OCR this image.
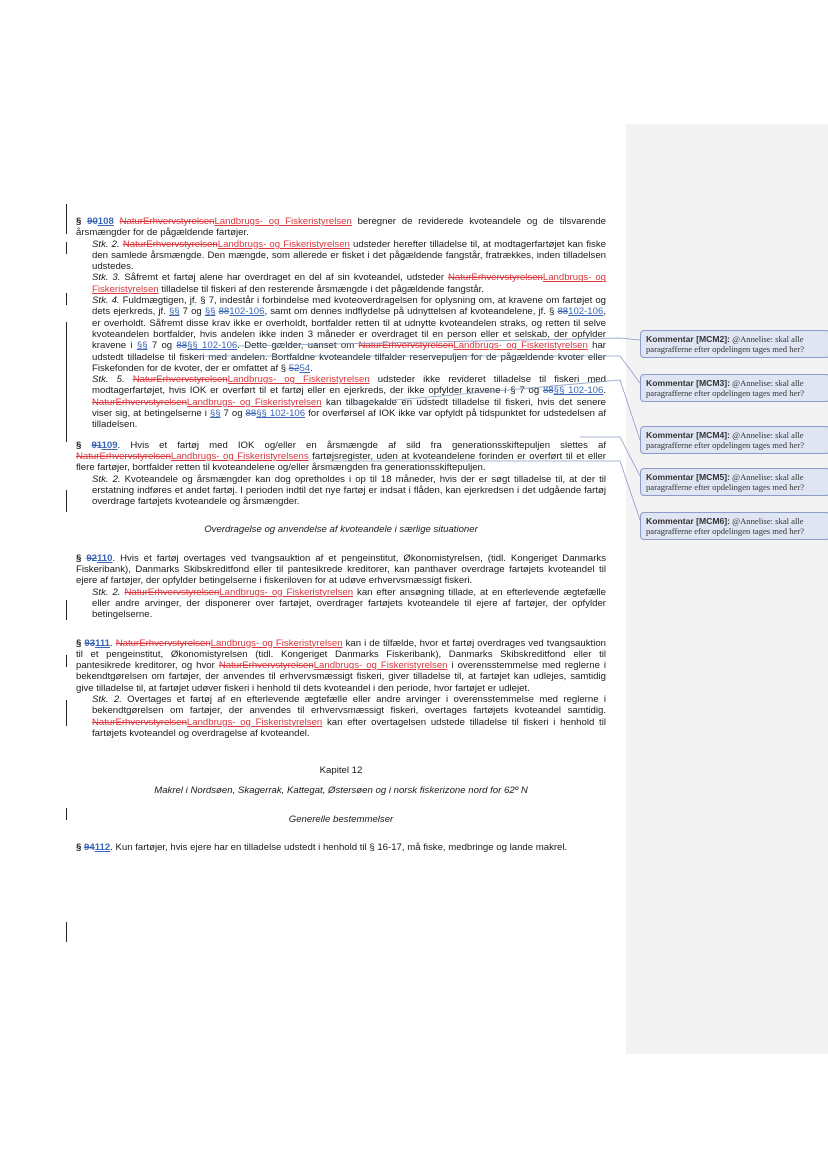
§ 90108 NaturErhvervstyrelsenLandbrugs- og Fiskeristyrelsen beregner de reviderede kvoteandele og de tilsvarende årsmængder for de pågældende fartøjer.

Stk. 2. NaturErhvervstyrelsenLandbrugs- og Fiskeristyrelsen udsteder herefter tilladelse til, at modtagerfartøjet kan fiske den samlede årsmængde. Den mængde, som allerede er fisket i det pågældende fangstår, fratrækkes, inden tilladelsen udstedes.

Stk. 3. Såfremt et fartøj alene har overdraget en del af sin kvoteandel, udsteder NaturErhvervstyrelsenLandbrugs- og Fiskeristyrelsen tilladelse til fiskeri af den resterende årsmængde i det pågældende fangstår.

Stk. 4. Fuldmægtigen, jf. § 7, indestår i forbindelse med kvoteoverdragelsen for oplysning om, at kravene om fartøjet og dets ejerkreds, jf. §§ 7 og §§ 88102-106, samt om dennes indflydelse på udnyttelsen af kvoteandelene, jf. § 88102-106, er overholdt. Såfremt disse krav ikke er overholdt, bortfalder retten til at udnytte kvoteandelen straks, og retten til selve kvoteandelen bortfalder, hvis andelen ikke inden 3 måneder er overdraget til en person eller et selskab, der opfylder kravene i §§ 7 og 88§§ 102-106. Dette gælder, uanset om NaturErhvervstyrelsenLandbrugs- og Fiskeristyrelsen har udstedt tilladelse til fiskeri med andelen. Bortfaldne kvoteandele tilfalder reservepuljen for de pågældende kvoter eller Fiskefonden for de kvoter, der er omfattet af § 5254.

Stk. 5. NaturErhvervstyrelsenLandbrugs- og Fiskeristyrelsen udsteder ikke revideret tilladelse til fiskeri med modtagerfartøjet, hvis IOK er overført til et fartøj eller en ejerkreds, der ikke opfylder kravene i § 7 og 88§§ 102-106. NaturErhvervstyrelsenLandbrugs- og Fiskeristyrelsen kan tilbagekalde en udstedt tilladelse til fiskeri, hvis det senere viser sig, at betingelserne i §§ 7 og 88§§ 102-106 for overførsel af IOK ikke var opfyldt på tidspunktet for udstedelsen af tilladelsen.

§ 91109. Hvis et fartøj med IOK og/eller en årsmængde af sild fra generationsskiftepuljen slettes af NaturErhvervstyrelsenLandbrugs- og Fiskeristyrelsens fartøjsregister, uden at kvoteandelene forinden er overført til et eller flere fartøjer, bortfalder retten til kvoteandelene og/eller årsmængden fra generationsskiftepuljen.

Stk. 2. Kvoteandele og årsmængder kan dog opretholdes i op til 18 måneder, hvis der er søgt tilladelse til, at der til erstatning indføres et andet fartøj. I perioden indtil det nye fartøj er indsat i flåden, kan ejerkredsen i det udgående fartøj overdrage fartøjets kvoteandele og årsmængder.

Overdragelse og anvendelse af kvoteandele i særlige situationer

§ 92110. Hvis et fartøj overtages ved tvangsauktion af et pengeinstitut, Økonomistyrelsen, (tidl. Kongeriget Danmarks Fiskeribank), Danmarks Skibskreditfond eller til pantesikrede kreditorer, kan panthaver overdrage fartøjets kvoteandel til ejere af fartøjer, der opfylder betingelserne i fiskeriloven for at udøve erhvervsmæssigt fiskeri.

Stk. 2. NaturErhvervstyrelsenLandbrugs- og Fiskeristyrelsen kan efter ansøgning tillade, at en efterlevende ægtefælle eller andre arvinger, der disponerer over fartøjet, overdrager fartøjets kvoteandele til ejere af fartøjer, der opfylder betingelserne.

§ 93111. NaturErhvervstyrelsenLandbrugs- og Fiskeristyrelsen kan i de tilfælde, hvor et fartøj overdrages ved tvangsauktion til et pengeinstitut, Økonomistyrelsen (tidl. Kongeriget Danmarks Fiskeribank), Danmarks Skibskreditfond eller til pantesikrede kreditorer, og hvor NaturErhvervstyrelsenLandbrugs- og Fiskeristyrelsen i overensstemmelse med reglerne i bekendtgørelsen om fartøjer, der anvendes til erhvervsmæssigt fiskeri, giver tilladelse til, at fartøjet kan udlejes, samtidig give tilladelse til, at fartøjet udøver fiskeri i henhold til dets kvoteandel i den periode, hvor fartøjet er udlejet.

Stk. 2. Overtages et fartøj af en efterlevende ægtefælle eller andre arvinger i overensstemmelse med reglerne i bekendtgørelsen om fartøjer, der anvendes til erhvervsmæssigt fiskeri, overtages fartøjets kvoteandel samtidig. NaturErhvervstyrelsenLandbrugs- og Fiskeristyrelsen kan efter overtagelsen udstede tilladelse til fiskeri i henhold til fartøjets kvoteandel og overdragelse af kvoteandel.

Kapitel 12

Makrel i Nordsøen, Skagerrak, Kattegat, Østersøen og i norsk fiskerizone nord for 62º N

Generelle bestemmelser

§ 94112. Kun fartøjer, hvis ejere har en tilladelse udstedt i henhold til § 16-17, må fiske, medbringe og lande makrel.

Kommentar [MCM2]: @Annelise: skal alle paragrafferne efter opdelingen tages med her?
Kommentar [MCM3]: @Annelise: skal alle paragrafferne efter opdelingen tages med her?
Kommentar [MCM4]: @Annelise: skal alle paragrafferne efter opdelingen tages med her?
Kommentar [MCM5]: @Annelise: skal alle paragrafferne efter opdelingen tages med her?
Kommentar [MCM6]: @Annelise: skal alle paragrafferne efter opdelingen tages med her?
